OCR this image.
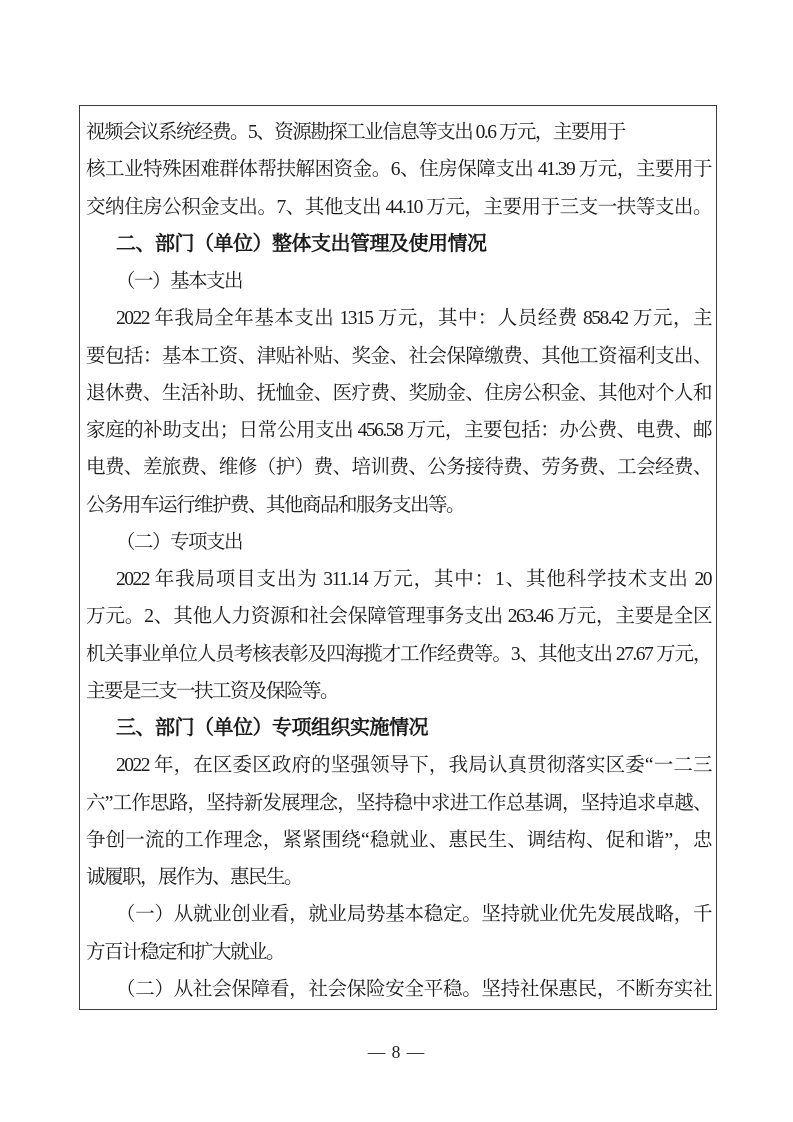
视频会议系统经费。5、资源勘探工业信息等支出 0.6 万元，主要用于
核工业特殊困难群体帮扶解困资金。6、住房保障支出 41.39 万元，主要用于
交纳住房公积金支出。7、其他支出 44.10 万元，主要用于三支一扶等支出。
二、部门（单位）整体支出管理及使用情况
（一）基本支出
2022 年我局全年基本支出 1315 万元，其中：人员经费 858.42 万元，主
要包括：基本工资、津贴补贴、奖金、社会保障缴费、其他工资福利支出、
退休费、生活补助、抚恤金、医疗费、奖励金、住房公积金、其他对个人和
家庭的补助支出；日常公用支出 456.58 万元，主要包括：办公费、电费、邮
电费、差旅费、维修（护）费、培训费、公务接待费、劳务费、工会经费、
公务用车运行维护费、其他商品和服务支出等。
（二）专项支出
2022 年我局项目支出为 311.14 万元，其中：1、其他科学技术支出 20
万元。2、其他人力资源和社会保障管理事务支出 263.46 万元，主要是全区
机关事业单位人员考核表彰及四海揽才工作经费等。3、其他支出 27.67 万元，
主要是三支一扶工资及保险等。
三、部门（单位）专项组织实施情况
2022 年，在区委区政府的坚强领导下，我局认真贯彻落实区委“一二三
六”工作思路，坚持新发展理念，坚持稳中求进工作总基调，坚持追求卓越、
争创一流的工作理念，紧紧围绕“稳就业、惠民生、调结构、促和谐”，忠
诚履职，展作为、惠民生。
（一）从就业创业看，就业局势基本稳定。坚持就业优先发展战略，千
方百计稳定和扩大就业。
（二）从社会保障看，社会保险安全平稳。坚持社保惠民，不断夯实社
— 8 —
